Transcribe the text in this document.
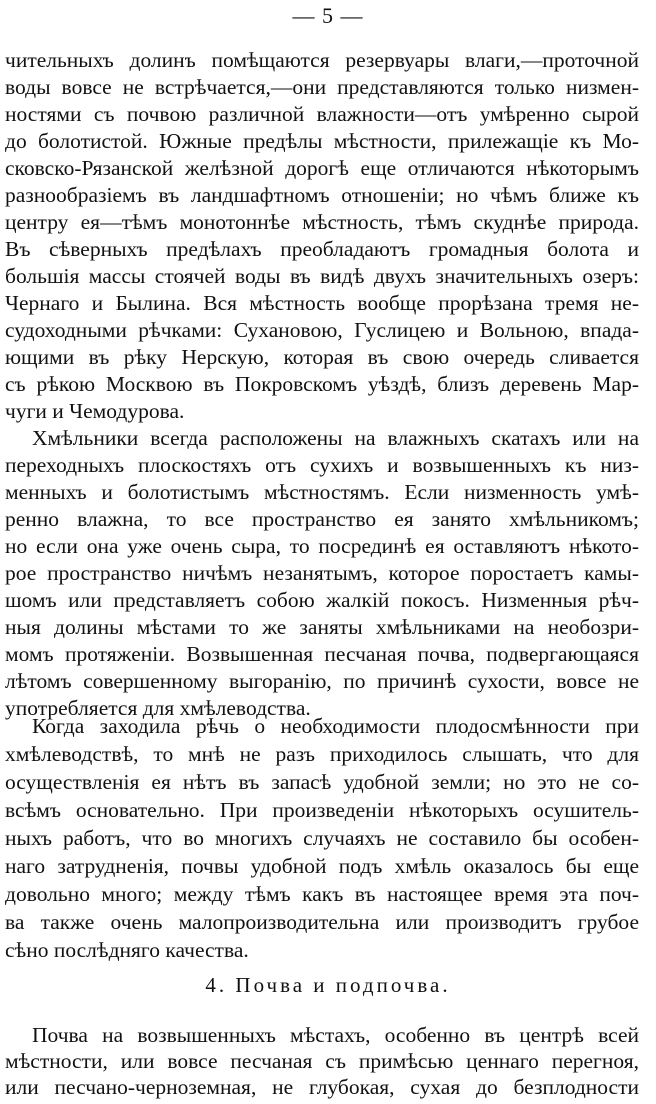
— 5 —
чительныхъ долинъ помѣщаются резервуары влаги,—проточной
воды вовсе не встрѣчается,—они представляются только низмен-
ностями съ почвою различной влажности—отъ умѣренно сырой
до болотистой. Южные предѣлы мѣстности, прилежащіе къ Мо-
сковско-Рязанской желѣзной дорогѣ еще отличаются нѣкоторымъ
разнообразіемъ въ ландшафтномъ отношеніи; но чѣмъ ближе къ
центру ея—тѣмъ монотоннѣе мѣстность, тѣмъ скуднѣе природа.
Въ сѣверныхъ предѣлахъ преобладаютъ громадныя болота и
большія массы стоячей воды въ видѣ двухъ значительныхъ озеръ:
Чернаго и Былина. Вся мѣстность вообще прорѣзана тремя не-
судоходными рѣчками: Сухановою, Гуслицею и Вольною, впада-
ющими въ рѣку Нерскую, которая въ свою очередь сливается
съ рѣкою Москвою въ Покровскомъ уѣздѣ, близъ деревень Мар-
чуги и Чемодурова.
Хмѣльники всегда расположены на влажныхъ скатахъ или на
переходныхъ плоскостяхъ отъ сухихъ и возвышенныхъ къ низ-
менныхъ и болотистымъ мѣстностямъ. Если низменность умѣ-
ренно влажна, то все пространство ея занято хмѣльникомъ;
но если она уже очень сыра, то посрединѣ ея оставляютъ нѣкото-
рое пространство ничѣмъ незанятымъ, которое поростаетъ камы-
шомъ или представляетъ собою жалкій покосъ. Низменныя рѣч-
ныя долины мѣстами то же заняты хмѣльниками на необозри-
момъ протяженіи. Возвышенная песчаная почва, подвергающаяся
лѣтомъ совершенному выгоранію, по причинѣ сухости, вовсе не
употребляется для хмѣлеводства.
Когда заходила рѣчь о необходимости плодосмѣнности при
хмѣлеводствѣ, то мнѣ не разъ приходилось слышать, что для
осуществленія ея нѣтъ въ запасѣ удобной земли; но это не со-
всѣмъ основательно. При произведеніи нѣкоторыхъ осушитель-
ныхъ работъ, что во многихъ случаяхъ не составило бы особен-
наго затрудненія, почвы удобной подъ хмѣль оказалось бы еще
довольно много; между тѣмъ какъ въ настоящее время эта поч-
ва также очень малопроизводительна или производитъ грубое
сѣно послѣдняго качества.
4. Почва и подпочва.
Почва на возвышенныхъ мѣстахъ, особенно въ центрѣ всей
мѣстности, или вовсе песчаная съ примѣсью ценнаго перегноя,
или песчано-черноземная, не глубокая, сухая до безплодности
